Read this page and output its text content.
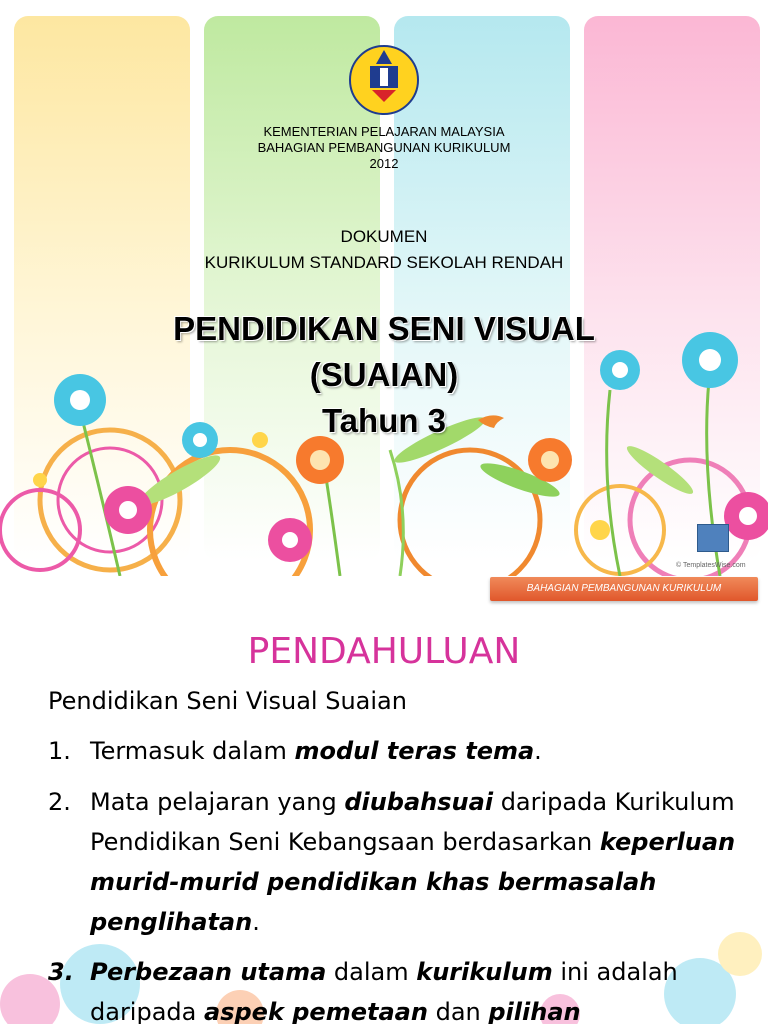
KEMENTERIAN PELAJARAN MALAYSIA
BAHAGIAN PEMBANGUNAN KURIKULUM
2012
DOKUMEN
KURIKULUM STANDARD SEKOLAH RENDAH
PENDIDIKAN SENI VISUAL
(SUAIAN)
Tahun 3
© TemplatesWise.com
BAHAGIAN PEMBANGUNAN KURIKULUM
PENDAHULUAN
Pendidikan Seni Visual Suaian
1. Termasuk dalam modul teras tema.
2. Mata pelajaran yang diubahsuai daripada Kurikulum Pendidikan Seni Kebangsaan berdasarkan keperluan murid-murid pendidikan khas bermasalah penglihatan.
3. Perbezaan utama dalam kurikulum ini adalah daripada aspek pemetaan dan pilihan
